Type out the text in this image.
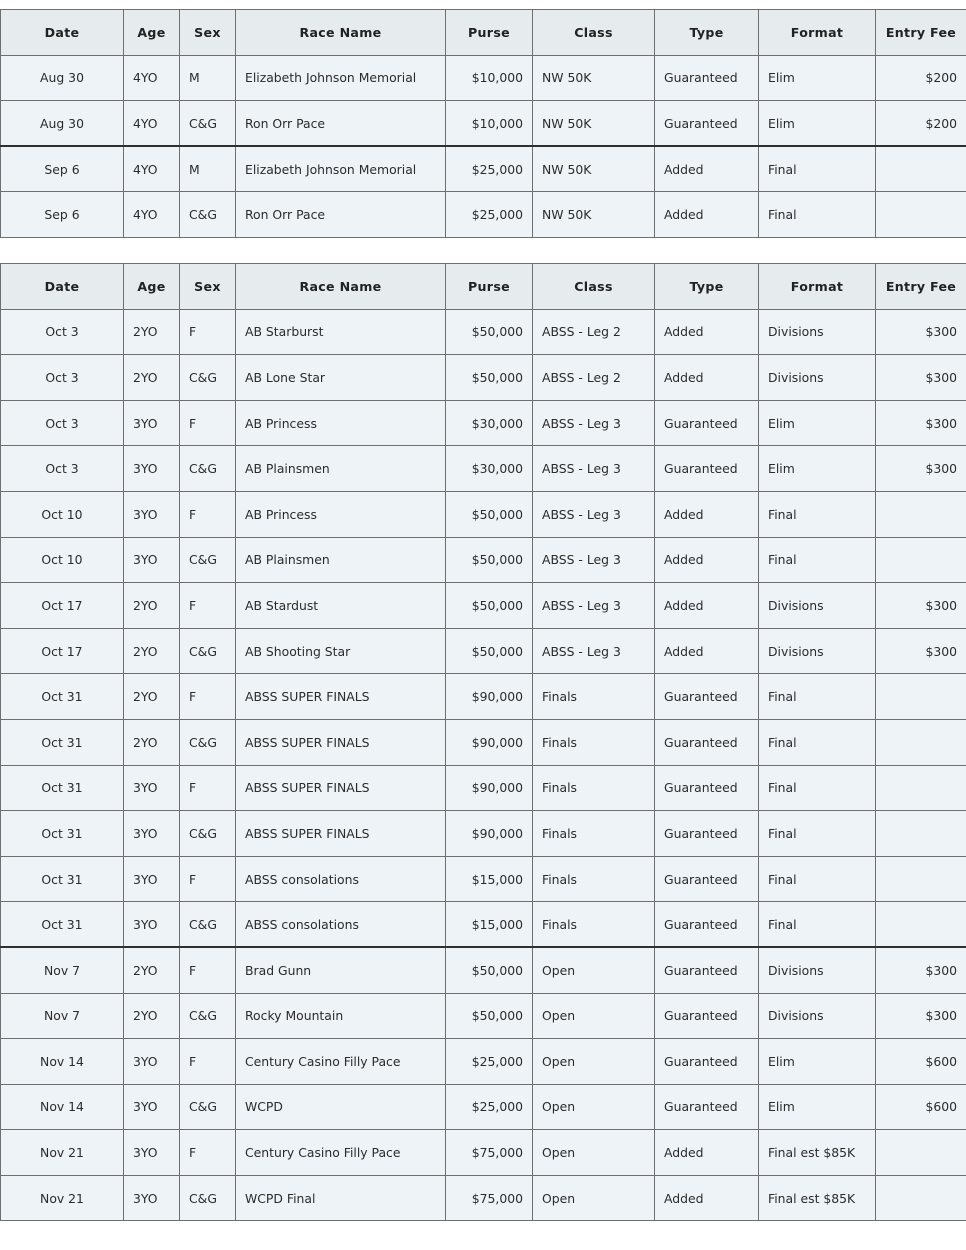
Date	Age	Sex	Race Name	Purse	Class	Type	Format	Entry Fee
Aug 30	4YO	M	Elizabeth Johnson Memorial	$10,000	NW 50K	Guaranteed	Elim	$200
Aug 30	4YO	C&G	Ron Orr Pace	$10,000	NW 50K	Guaranteed	Elim	$200
Sep 6	4YO	M	Elizabeth Johnson Memorial	$25,000	NW 50K	Added	Final	
Sep 6	4YO	C&G	Ron Orr Pace	$25,000	NW 50K	Added	Final	
Date	Age	Sex	Race Name	Purse	Class	Type	Format	Entry Fee
Oct 3	2YO	F	AB Starburst	$50,000	ABSS - Leg 2	Added	Divisions	$300
Oct 3	2YO	C&G	AB Lone Star	$50,000	ABSS - Leg 2	Added	Divisions	$300
Oct 3	3YO	F	AB Princess	$30,000	ABSS - Leg 3	Guaranteed	Elim	$300
Oct 3	3YO	C&G	AB Plainsmen	$30,000	ABSS - Leg 3	Guaranteed	Elim	$300
Oct 10	3YO	F	AB Princess	$50,000	ABSS - Leg 3	Added	Final	
Oct 10	3YO	C&G	AB Plainsmen	$50,000	ABSS - Leg 3	Added	Final	
Oct 17	2YO	F	AB Stardust	$50,000	ABSS - Leg 3	Added	Divisions	$300
Oct 17	2YO	C&G	AB Shooting Star	$50,000	ABSS - Leg 3	Added	Divisions	$300
Oct 31	2YO	F	ABSS SUPER FINALS	$90,000	Finals	Guaranteed	Final	
Oct 31	2YO	C&G	ABSS SUPER FINALS	$90,000	Finals	Guaranteed	Final	
Oct 31	3YO	F	ABSS SUPER FINALS	$90,000	Finals	Guaranteed	Final	
Oct 31	3YO	C&G	ABSS SUPER FINALS	$90,000	Finals	Guaranteed	Final	
Oct 31	3YO	F	ABSS consolations	$15,000	Finals	Guaranteed	Final	
Oct 31	3YO	C&G	ABSS consolations	$15,000	Finals	Guaranteed	Final	
Nov 7	2YO	F	Brad Gunn	$50,000	Open	Guaranteed	Divisions	$300
Nov 7	2YO	C&G	Rocky Mountain	$50,000	Open	Guaranteed	Divisions	$300
Nov 14	3YO	F	Century Casino Filly Pace	$25,000	Open	Guaranteed	Elim	$600
Nov 14	3YO	C&G	WCPD	$25,000	Open	Guaranteed	Elim	$600
Nov 21	3YO	F	Century Casino Filly Pace	$75,000	Open	Added	Final est $85K	
Nov 21	3YO	C&G	WCPD Final	$75,000	Open	Added	Final est $85K	
